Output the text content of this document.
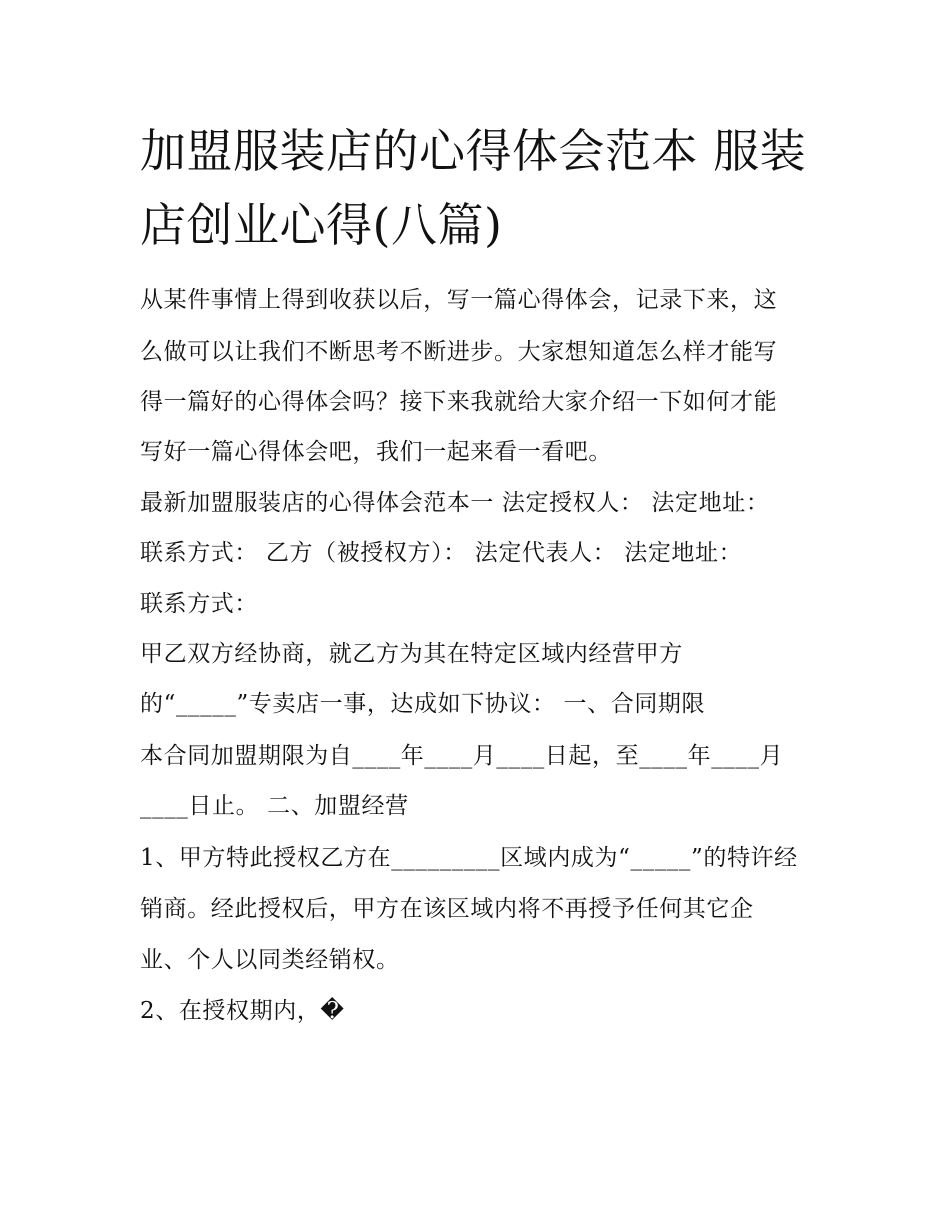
加盟服装店的心得体会范本 服装店创业心得(八篇)

从某件事情上得到收获以后，写一篇心得体会，记录下来，这

么做可以让我们不断思考不断进步。大家想知道怎么样才能写

得一篇好的心得体会吗？接下来我就给大家介绍一下如何才能

写好一篇心得体会吧，我们一起来看一看吧。

最新加盟服装店的心得体会范本一 法定授权人： 法定地址：

联系方式： 乙方（被授权方）： 法定代表人： 法定地址：

联系方式：

甲乙双方经协商，就乙方为其在特定区域内经营甲方

的“_____”专卖店一事，达成如下协议： 一、合同期限

本合同加盟期限为自____年____月____日起，至____年____月

____日止。 二、加盟经营

1、甲方特此授权乙方在_________区域内成为“_____”的特许经

销商。经此授权后，甲方在该区域内将不再授予任何其它企

业、个人以同类经销权。

2、在授权期内，�
